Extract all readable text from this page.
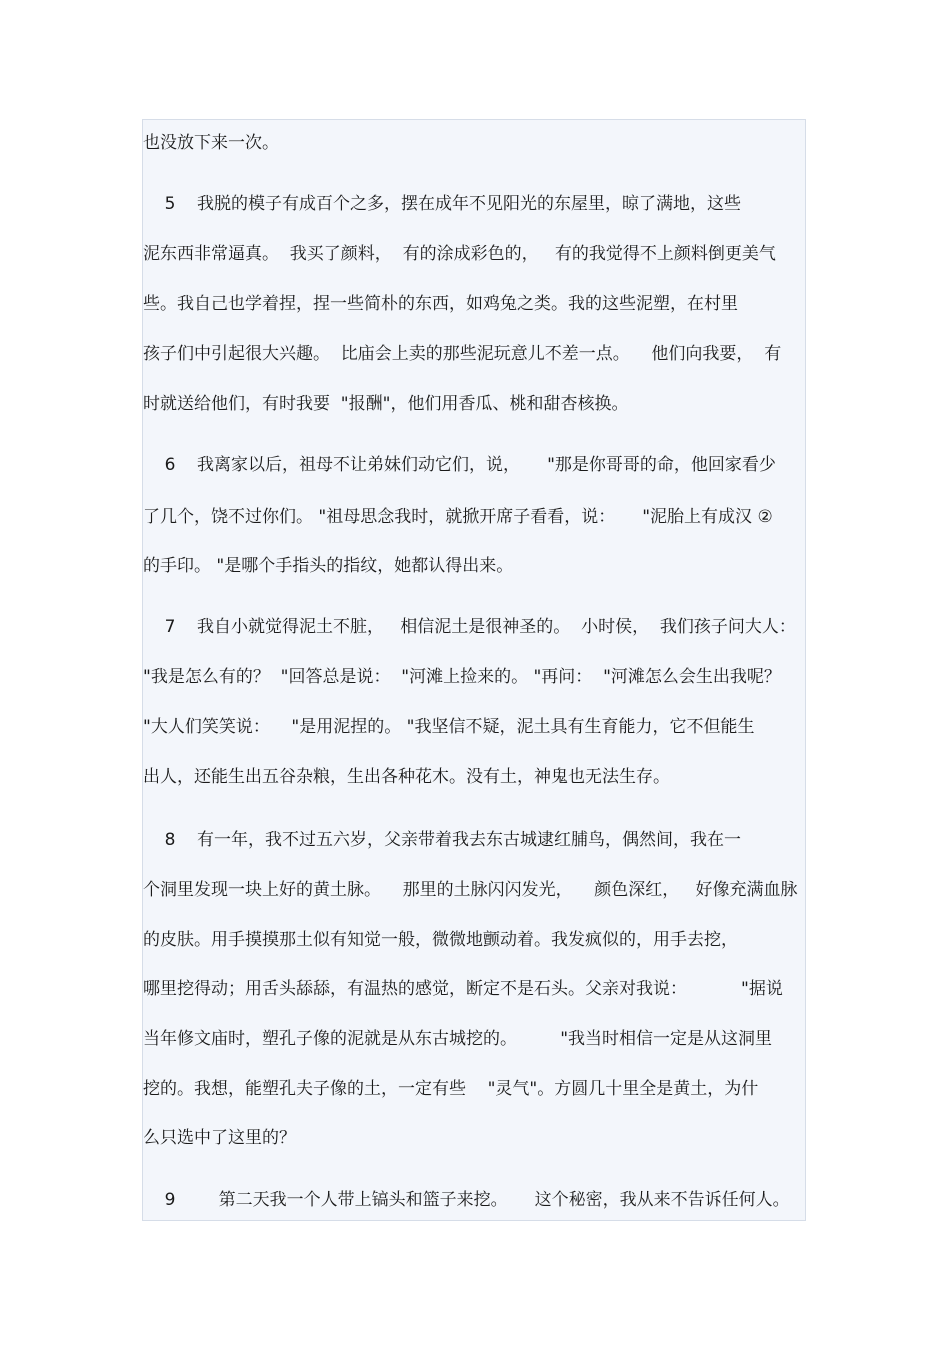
也没放下来一次。
5    我脱的模子有成百个之多，摆在成年不见阳光的东屋里，晾了满地，这些
泥东西非常逼真。  我买了颜料，  有的涂成彩色的，   有的我觉得不上颜料倒更美气
些。我自己也学着捏，捏一些简朴的东西，如鸡兔之类。我的这些泥塑，在村里
孩子们中引起很大兴趣。  比庙会上卖的那些泥玩意儿不差一点。    他们向我要，  有
时就送给他们，有时我要  "报酬"，他们用香瓜、桃和甜杏核换。
6    我离家以后，祖母不让弟妹们动它们，说，     "那是你哥哥的命，他回家看少
了几个，饶不过你们。 "祖母思念我时，就掀开席子看看，说：     "泥胎上有成汉 ②
的手印。 "是哪个手指头的指纹，她都认得出来。
7    我自小就觉得泥土不脏，   相信泥土是很神圣的。  小时侯，  我们孩子问大人：
"我是怎么有的？  "回答总是说：  "河滩上捡来的。 "再问：  "河滩怎么会生出我呢？
"大人们笑笑说：    "是用泥捏的。 "我坚信不疑，泥土具有生育能力，它不但能生
出人，还能生出五谷杂粮，生出各种花木。没有土，神鬼也无法生存。
8    有一年，我不过五六岁，父亲带着我去东古城逮红脯鸟，偶然间，我在一
个洞里发现一块上好的黄土脉。    那里的土脉闪闪发光，    颜色深红，   好像充满血脉
的皮肤。用手摸摸那土似有知觉一般，微微地颤动着。我发疯似的，用手去挖，
哪里挖得动；用舌头舔舔，有温热的感觉，断定不是石头。父亲对我说：          "据说
当年修文庙时，塑孔子像的泥就是从东古城挖的。        "我当时相信一定是从这洞里
挖的。我想，能塑孔夫子像的土，一定有些    "灵气"。方圆几十里全是黄土，为什
么只选中了这里的？
9        第二天我一个人带上镐头和篮子来挖。     这个秘密，我从来不告诉任何人。
